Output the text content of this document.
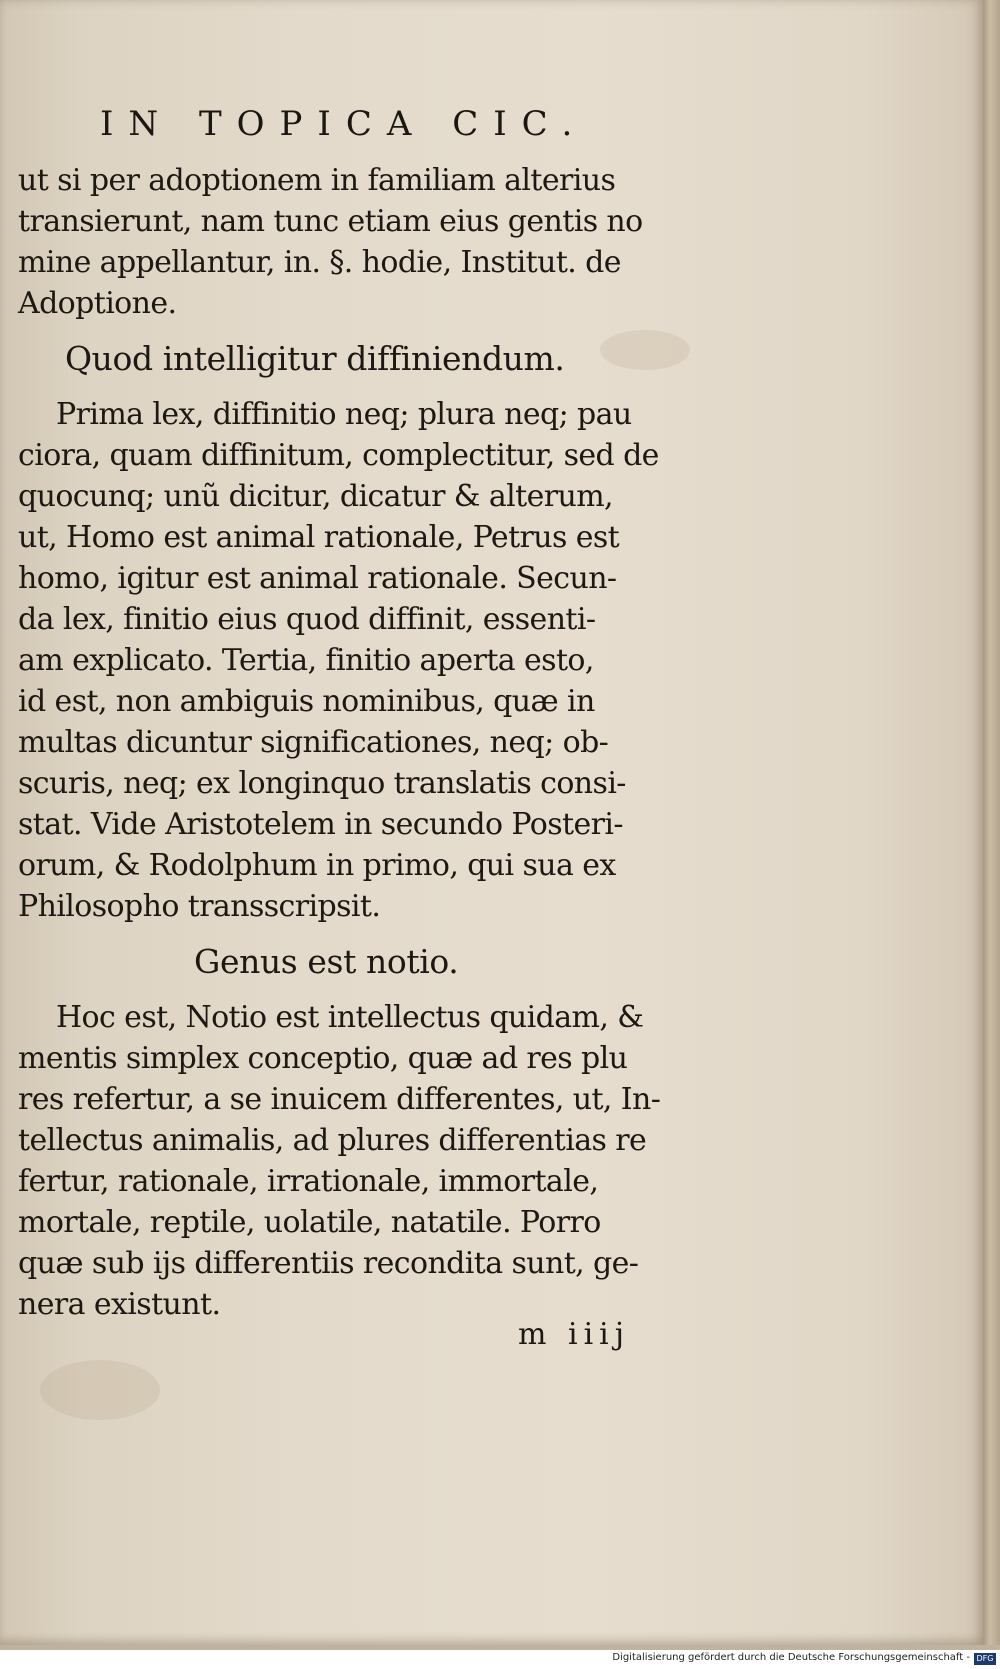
IN TOPICA CIC.
ut si per adoptionem in familiam alterius
transierunt, nam tunc etiam eius gentis no
mine appellantur, in. §. hodie, Institut. de
Adoptione.
Quod intelligitur diffiniendum.
Prima lex, diffinitio neq; plura neq; pau
ciora, quam diffinitum, complectitur, sed de
quocunq; unũ dicitur, dicatur & alterum,
ut, Homo est animal rationale, Petrus est
homo, igitur est animal rationale. Secun-
da lex, finitio eius quod diffinit, essenti-
am explicato. Tertia, finitio aperta esto,
id est, non ambiguis nominibus, quæ in
multas dicuntur significationes, neq; ob-
scuris, neq; ex longinquo translatis consi-
stat. Vide Aristotelem in secundo Posteri-
orum, & Rodolphum in primo, qui sua ex
Philosopho transscripsit.
Genus est notio.
Hoc est, Notio est intellectus quidam, &
mentis simplex conceptio, quæ ad res plu
res refertur, a se inuicem differentes, ut, In-
tellectus animalis, ad plures differentias re
fertur, rationale, irrationale, immortale,
mortale, reptile, uolatile, natatile. Porro
quæ sub ijs differentiis recondita sunt, ge-
nera existunt.
m iiij
Digitalisierung gefördert durch die Deutsche Forschungsgemeinschaft - DFG
